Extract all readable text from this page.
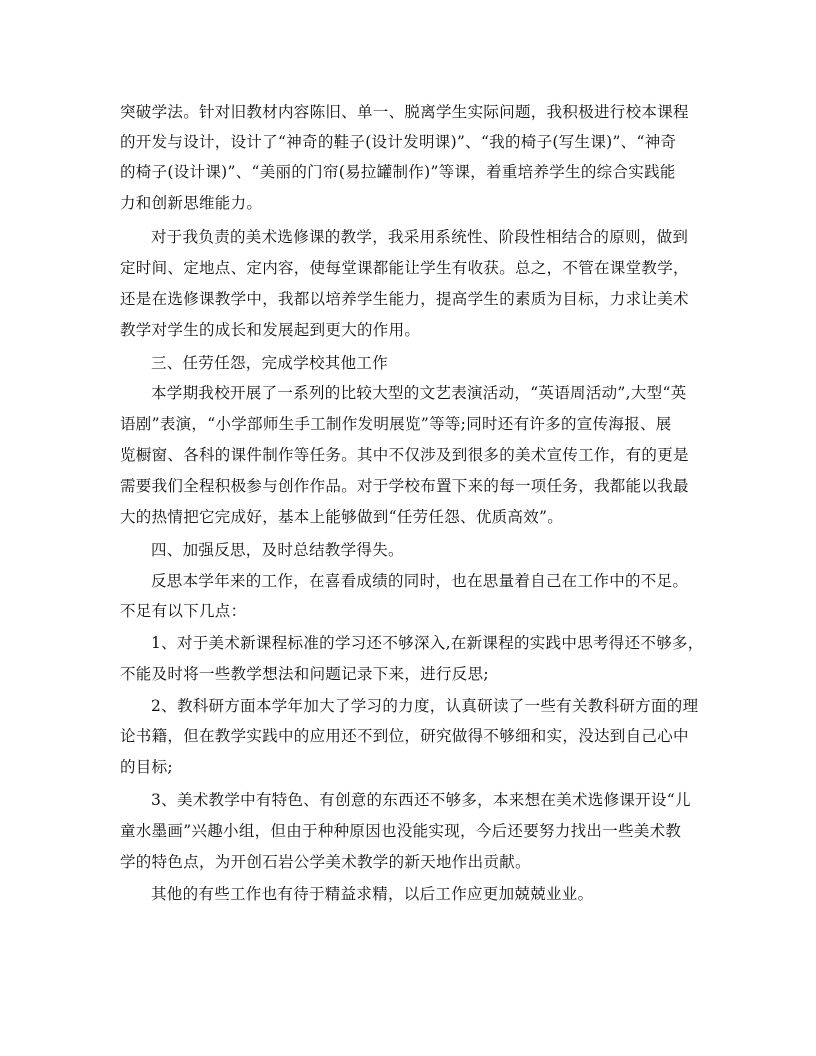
突破学法。针对旧教材内容陈旧、单一、脱离学生实际问题，我积极进行校本课程
的开发与设计，设计了“神奇的鞋子(设计发明课)”、“我的椅子(写生课)”、“神奇
的椅子(设计课)”、“美丽的门帘(易拉罐制作)”等课，着重培养学生的综合实践能
力和创新思维能力。
对于我负责的美术选修课的教学，我采用系统性、阶段性相结合的原则，做到
定时间、定地点、定内容，使每堂课都能让学生有收获。总之，不管在课堂教学，
还是在选修课教学中，我都以培养学生能力，提高学生的素质为目标，力求让美术
教学对学生的成长和发展起到更大的作用。
三、任劳任怨，完成学校其他工作
本学期我校开展了一系列的比较大型的文艺表演活动，“英语周活动”,大型“英
语剧”表演，“小学部师生手工制作发明展览”等等;同时还有许多的宣传海报、展
览橱窗、各科的课件制作等任务。其中不仅涉及到很多的美术宣传工作，有的更是
需要我们全程积极参与创作作品。对于学校布置下来的每一项任务，我都能以我最
大的热情把它完成好，基本上能够做到“任劳任怨、优质高效”。
四、加强反思，及时总结教学得失。
反思本学年来的工作，在喜看成绩的同时，也在思量着自己在工作中的不足。
不足有以下几点：
1、对于美术新课程标准的学习还不够深入,在新课程的实践中思考得还不够多，
不能及时将一些教学想法和问题记录下来，进行反思;
2、教科研方面本学年加大了学习的力度，认真研读了一些有关教科研方面的理
论书籍，但在教学实践中的应用还不到位，研究做得不够细和实，没达到自己心中
的目标;
3、美术教学中有特色、有创意的东西还不够多，本来想在美术选修课开设“儿
童水墨画”兴趣小组，但由于种种原因也没能实现，今后还要努力找出一些美术教
学的特色点，为开创石岩公学美术教学的新天地作出贡献。
其他的有些工作也有待于精益求精，以后工作应更加兢兢业业。
